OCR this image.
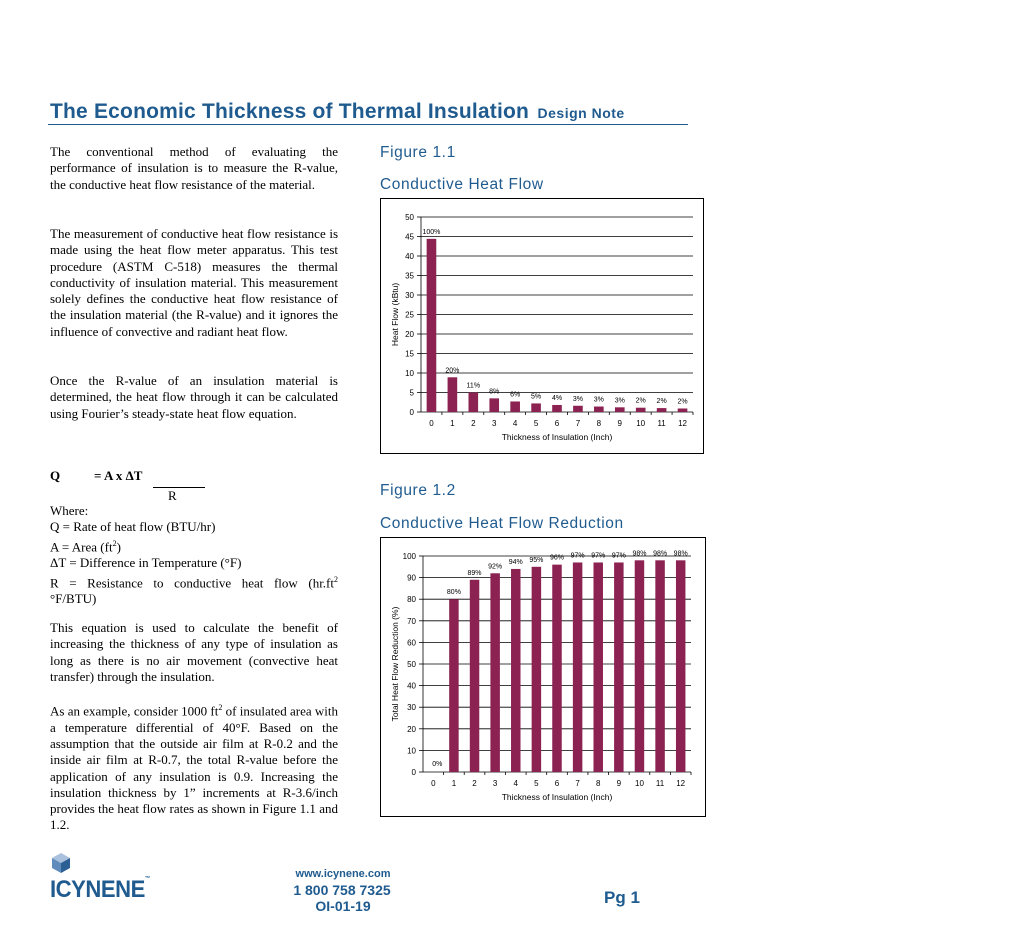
The Economic Thickness of Thermal Insulation Design Note

The conventional method of evaluating the performance of insulation is to measure the R-value, the conductive heat flow resistance of the material.

The measurement of conductive heat flow resistance is made using the heat flow meter apparatus. This test procedure (ASTM C-518) measures the thermal conductivity of insulation material. This measurement solely defines the conductive heat flow resistance of the insulation material (the R-value) and it ignores the influence of convective and radiant heat flow.

Once the R-value of an insulation material is determined, the heat flow through it can be calculated using Fourier’s steady-state heat flow equation.

Q	= A x ΔT
R
Where:
Q = Rate of heat flow (BTU/hr)
A = Area $(ft^2)$
ΔT = Difference in Temperature (°F)
R = Resistance to conductive heat flow ($hr.ft^2$
°F/BTU)

This equation is used to calculate the benefit of increasing the thickness of any type of insulation as long as there is no air movement (convective heat transfer) through the insulation.

As an example, consider 1000 $ft^2$ of insulated area with a temperature differential of 40°F. Based on the assumption that the outside air film at R-0.2 and the inside air film at R-0.7, the total R-value before the application of any insulation is 0.9. Increasing the insulation thickness by 1” increments at R-3.6/inch provides the heat flow rates as shown in Figure 1.1 and 1.2.

Figure 1.1
Conductive Heat Flow
0
5
10
15
20
25
30
35
40
45
50
0
100%
1
20%
2
11%
3
8%
4
6%
5
5%
6
4%
7
3%
8
3%
9
3%
10
2%
11
2%
12
2%
Thickness of Insulation (Inch)
Heat Flow (kBtu)
Figure 1.2
Conductive Heat Flow Reduction
0
10
20
30
40
50
60
70
80
90
100
0
0%
1
80%
2
89%
3
92%
4
94%
5
95%
6
96%
7
97%
8
97%
9
97%
10
98%
11
98%
12
98%
Thickness of Insulation (Inch)
Total Heat Flow Reduction (%)
ICYNENE™	www.icynene.com
1 800 758 7325
OI-01-19	Pg 1
